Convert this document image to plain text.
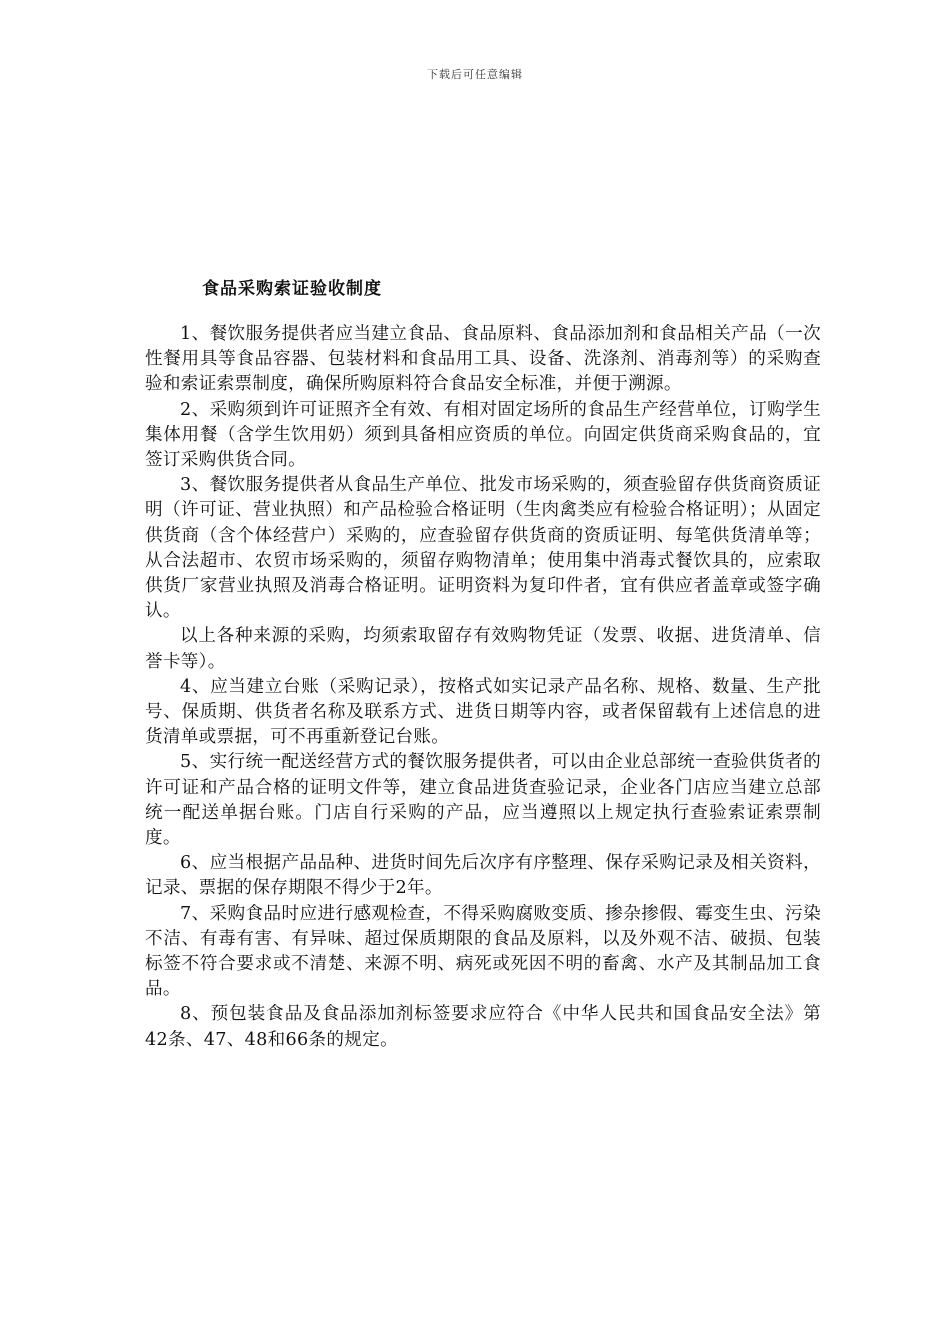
下载后可任意编辑
食品采购索证验收制度

1、餐饮服务提供者应当建立食品、食品原料、食品添加剂和食品相关产品（一次性餐用具等食品容器、包装材料和食品用工具、设备、洗涤剂、消毒剂等）的采购查验和索证索票制度，确保所购原料符合食品安全标准，并便于溯源。

2、采购须到许可证照齐全有效、有相对固定场所的食品生产经营单位，订购学生集体用餐（含学生饮用奶）须到具备相应资质的单位。向固定供货商采购食品的，宜签订采购供货合同。

3、餐饮服务提供者从食品生产单位、批发市场采购的，须查验留存供货商资质证明（许可证、营业执照）和产品检验合格证明（生肉禽类应有检验合格证明）；从固定供货商（含个体经营户）采购的，应查验留存供货商的资质证明、每笔供货清单等；从合法超市、农贸市场采购的，须留存购物清单；使用集中消毒式餐饮具的，应索取供货厂家营业执照及消毒合格证明。证明资料为复印件者，宜有供应者盖章或签字确认。

以上各种来源的采购，均须索取留存有效购物凭证（发票、收据、进货清单、信誉卡等）。

4、应当建立台账（采购记录），按格式如实记录产品名称、规格、数量、生产批号、保质期、供货者名称及联系方式、进货日期等内容，或者保留载有上述信息的进货清单或票据，可不再重新登记台账。

5、实行统一配送经营方式的餐饮服务提供者，可以由企业总部统一查验供货者的许可证和产品合格的证明文件等，建立食品进货查验记录，企业各门店应当建立总部统一配送单据台账。门店自行采购的产品，应当遵照以上规定执行查验索证索票制度。

6、应当根据产品品种、进货时间先后次序有序整理、保存采购记录及相关资料，记录、票据的保存期限不得少于2年。

7、采购食品时应进行感观检查，不得采购腐败变质、掺杂掺假、霉变生虫、污染不洁、有毒有害、有异味、超过保质期限的食品及原料，以及外观不洁、破损、包装标签不符合要求或不清楚、来源不明、病死或死因不明的畜禽、水产及其制品加工食品。

8、预包装食品及食品添加剂标签要求应符合《中华人民共和国食品安全法》第42条、47、48和66条的规定。
